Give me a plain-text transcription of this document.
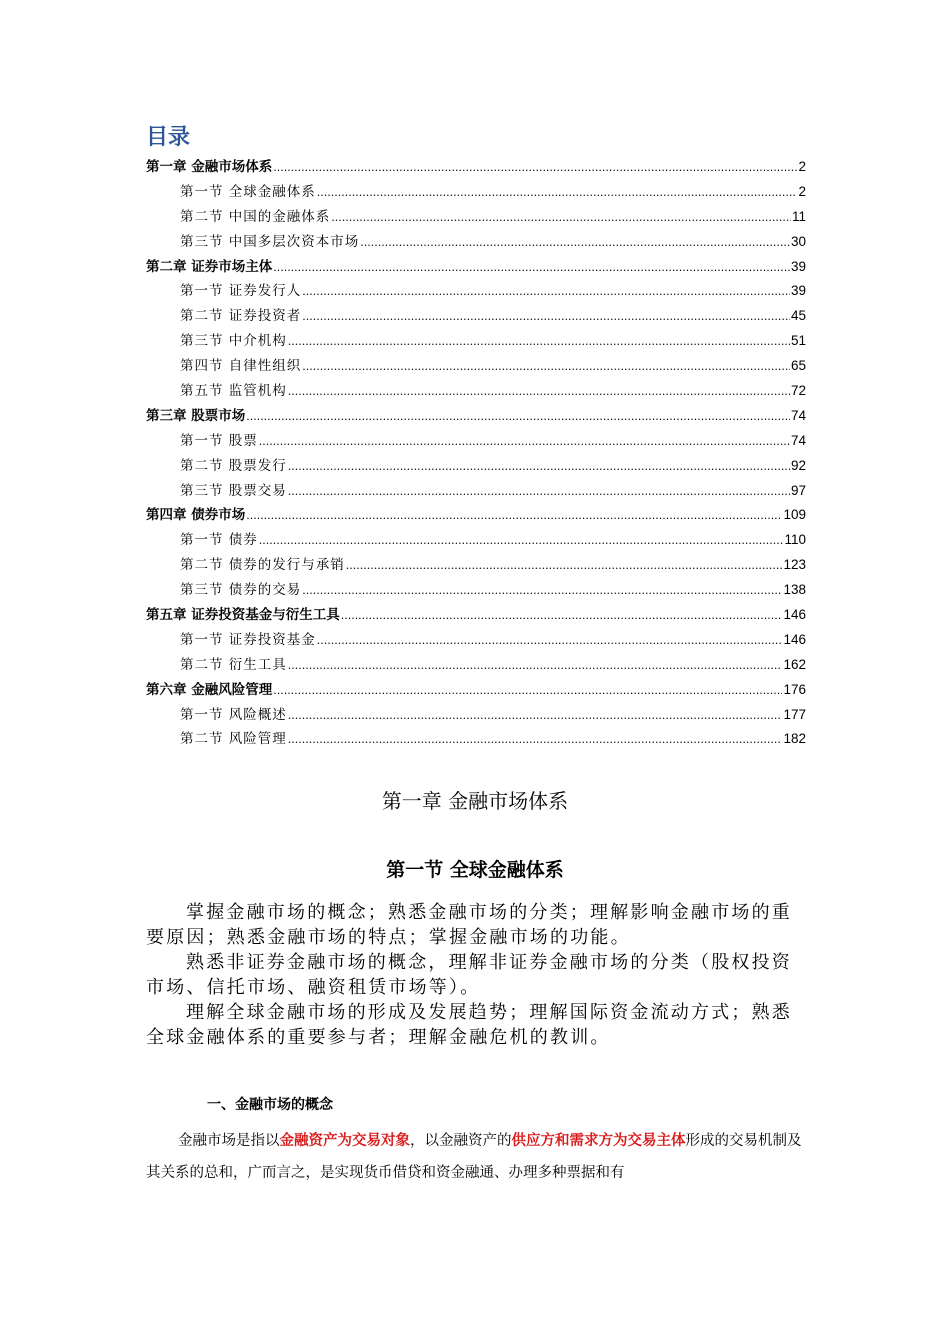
目录
第一章 金融市场体系 .....	2
第一节 全球金融体系 .....	2
第二节 中国的金融体系 .....	11
第三节 中国多层次资本市场 .....	30
第二章 证券市场主体 .....	39
第一节 证券发行人 .....	39
第二节 证券投资者 .....	45
第三节 中介机构 .....	51
第四节 自律性组织 .....	65
第五节 监管机构 .....	72
第三章 股票市场 .....	74
第一节 股票 .....	74
第二节 股票发行 .....	92
第三节 股票交易 .....	97
第四章 债券市场 .....	109
第一节 债券 .....	110
第二节 债券的发行与承销 .....	123
第三节 债券的交易 .....	138
第五章 证券投资基金与衍生工具 .....	146
第一节 证券投资基金 .....	146
第二节 衍生工具 .....	162
第六章 金融风险管理 .....	176
第一节 风险概述 .....	177
第二节 风险管理 .....	182
第一章 金融市场体系
第一节 全球金融体系

掌握金融市场的概念；熟悉金融市场的分类；理解影响金融市场的重要原因；熟悉金融市场的特点；掌握金融市场的功能。

熟悉非证券金融市场的概念，理解非证券金融市场的分类（股权投资市场、信托市场、融资租赁市场等）。

理解全球金融市场的形成及发展趋势；理解国际资金流动方式；熟悉全球金融体系的重要参与者；理解金融危机的教训。

一、金融市场的概念

金融市场是指以金融资产为交易对象，以金融资产的供应方和需求方为交易主体形成的交易机制及其关系的总和，广而言之，是实现货币借贷和资金融通、办理多种票据和有
